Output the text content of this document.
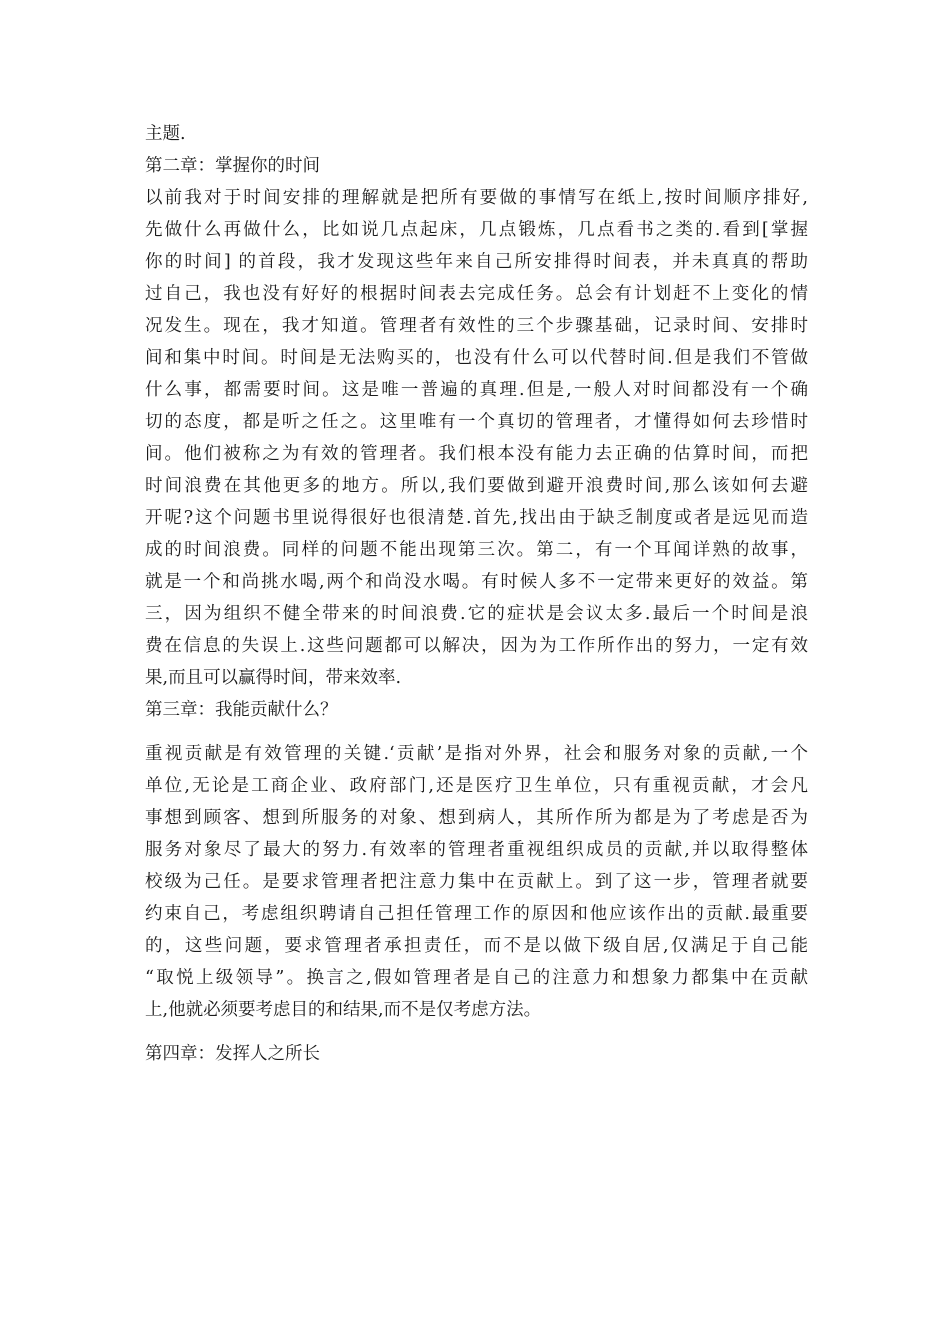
主题.
第二章：掌握你的时间
以前我对于时间安排的理解就是把所有要做的事情写在纸上,按时间顺序排好,
先做什么再做什么，比如说几点起床，几点锻炼，几点看书之类的.看到[掌握
你的时间] 的首段，我才发现这些年来自己所安排得时间表，并未真真的帮助
过自己，我也没有好好的根据时间表去完成任务。总会有计划赶不上变化的情
况发生。现在，我才知道。管理者有效性的三个步骤基础，记录时间、安排时
间和集中时间。时间是无法购买的，也没有什么可以代替时间.但是我们不管做
什么事，都需要时间。这是唯一普遍的真理.但是,一般人对时间都没有一个确
切的态度，都是听之任之。这里唯有一个真切的管理者，才懂得如何去珍惜时
间。他们被称之为有效的管理者。我们根本没有能力去正确的估算时间，而把
时间浪费在其他更多的地方。所以,我们要做到避开浪费时间,那么该如何去避
开呢?这个问题书里说得很好也很清楚.首先,找出由于缺乏制度或者是远见而造
成的时间浪费。同样的问题不能出现第三次。第二，有一个耳闻详熟的故事，
就是一个和尚挑水喝,两个和尚没水喝。有时候人多不一定带来更好的效益。第
三，因为组织不健全带来的时间浪费.它的症状是会议太多.最后一个时间是浪
费在信息的失误上.这些问题都可以解决，因为为工作所作出的努力，一定有效
果,而且可以赢得时间，带来效率.
第三章：我能贡献什么？
重视贡献是有效管理的关键.‘贡献’是指对外界，社会和服务对象的贡献,一个
单位,无论是工商企业、政府部门,还是医疗卫生单位，只有重视贡献，才会凡
事想到顾客、想到所服务的对象、想到病人，其所作所为都是为了考虑是否为
服务对象尽了最大的努力.有效率的管理者重视组织成员的贡献,并以取得整体
校级为己任。是要求管理者把注意力集中在贡献上。到了这一步，管理者就要
约束自己，考虑组织聘请自己担任管理工作的原因和他应该作出的贡献.最重要
的，这些问题，要求管理者承担责任，而不是以做下级自居,仅满足于自己能
“取悦上级领导”。换言之,假如管理者是自己的注意力和想象力都集中在贡献
上,他就必须要考虑目的和结果,而不是仅考虑方法。
第四章：发挥人之所长
